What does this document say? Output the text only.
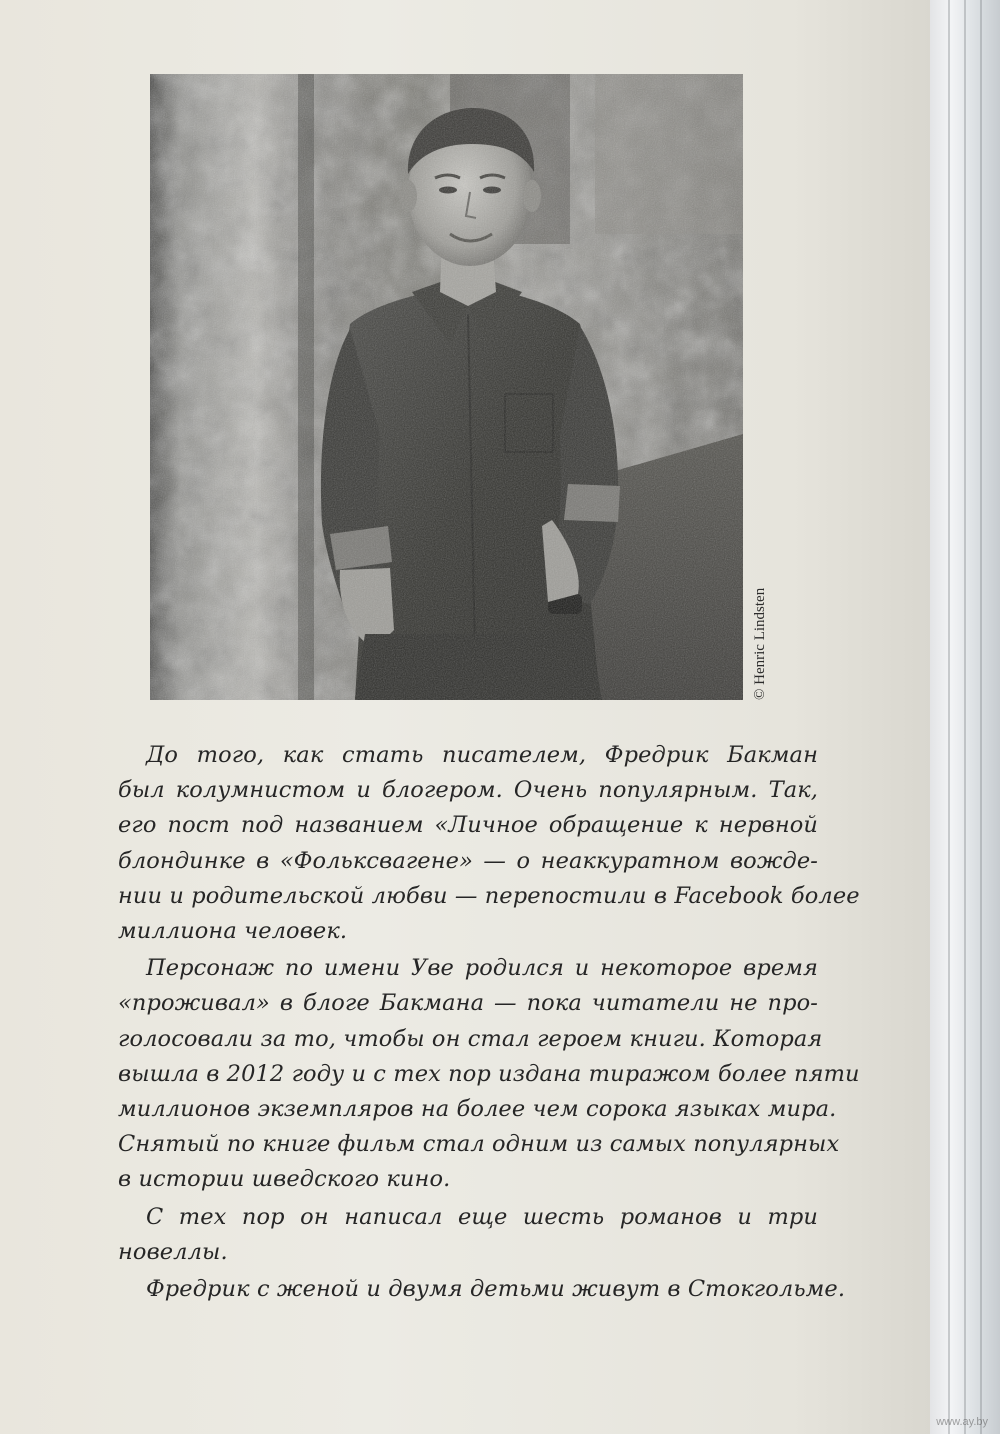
© Henric Lindsten
До того, как стать писателем, Фредрик Бакман
был колумнистом и блогером. Очень популярным. Так,
его пост под названием «Личное обращение к нервной
блондинке в «Фольксвагене» — о неаккуратном вожде-
нии и родительской любви — перепостили в Facebook более
миллиона человек.
Персонаж по имени Уве родился и некоторое время
«проживал» в блоге Бакмана — пока читатели не про-
голосовали за то, чтобы он стал героем книги. Которая
вышла в 2012 году и с тех пор издана тиражом более пяти
миллионов экземпляров на более чем сорока языках мира.
Снятый по книге фильм стал одним из самых популярных
в истории шведского кино.
С тех пор он написал еще шесть романов и три
новеллы.
Фредрик с женой и двумя детьми живут в Стокгольме.
www.ay.by
